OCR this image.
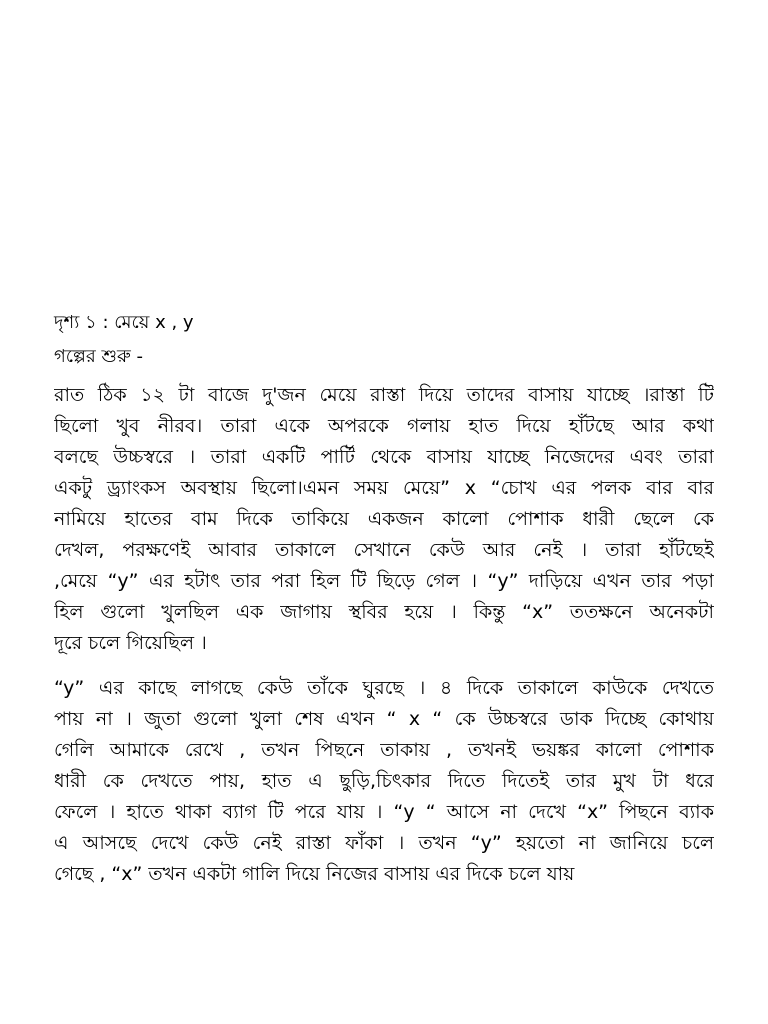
দৃশ্য ১ : মেয়ে x , y
গল্পের শুরু -
রাত ঠিক ১২ টা বাজে দু'জন মেয়ে রাস্তা দিয়ে তাদের বাসায় যাচ্ছে ।রাস্তা টি
ছিলো খুব নীরব। তারা একে অপরকে গলায় হাত দিয়ে হাঁটছে আর কথা
বলছে উচ্চস্বরে । তারা একটি পার্টি থেকে বাসায় যাচ্ছে নিজেদের এবং তারা
একটু ড্র্যাংকস অবস্থায় ছিলো।এমন সময় মেয়ে” x “চোখ এর পলক বার বার
নামিয়ে হাতের বাম দিকে তাকিয়ে একজন কালো পোশাক ধারী ছেলে কে
দেখল, পরক্ষণেই আবার তাকালে সেখানে কেউ আর নেই । তারা হাঁটছেই
,মেয়ে “y” এর হটাৎ তার পরা হিল টি ছিড়ে গেল । “y” দাড়িয়ে এখন তার পড়া
হিল গুলো খুলছিল এক জাগায় স্থবির হয়ে । কিন্তু “x” ততক্ষনে অনেকটা
দূরে চলে গিয়েছিল ।
“y” এর কাছে লাগছে কেউ তাঁকে ঘুরছে । ৪ দিকে তাকালে কাউকে দেখতে
পায় না । জুতা গুলো খুলা শেষ এখন “ x “ কে উচ্চস্বরে ডাক দিচ্ছে কোথায়
গেলি আমাকে রেখে , তখন পিছনে তাকায় , তখনই ভয়ঙ্কর কালো পোশাক
ধারী কে দেখতে পায়, হাত এ ছুড়ি,চিৎকার দিতে দিতেই তার মুখ টা ধরে
ফেলে । হাতে থাকা ব্যাগ টি পরে যায় । “y “ আসে না দেখে “x” পিছনে ব্যাক
এ আসছে দেখে কেউ নেই রাস্তা ফাঁকা । তখন “y” হয়তো না জানিয়ে চলে
গেছে , “x” তখন একটা গালি দিয়ে নিজের বাসায় এর দিকে চলে যায়
